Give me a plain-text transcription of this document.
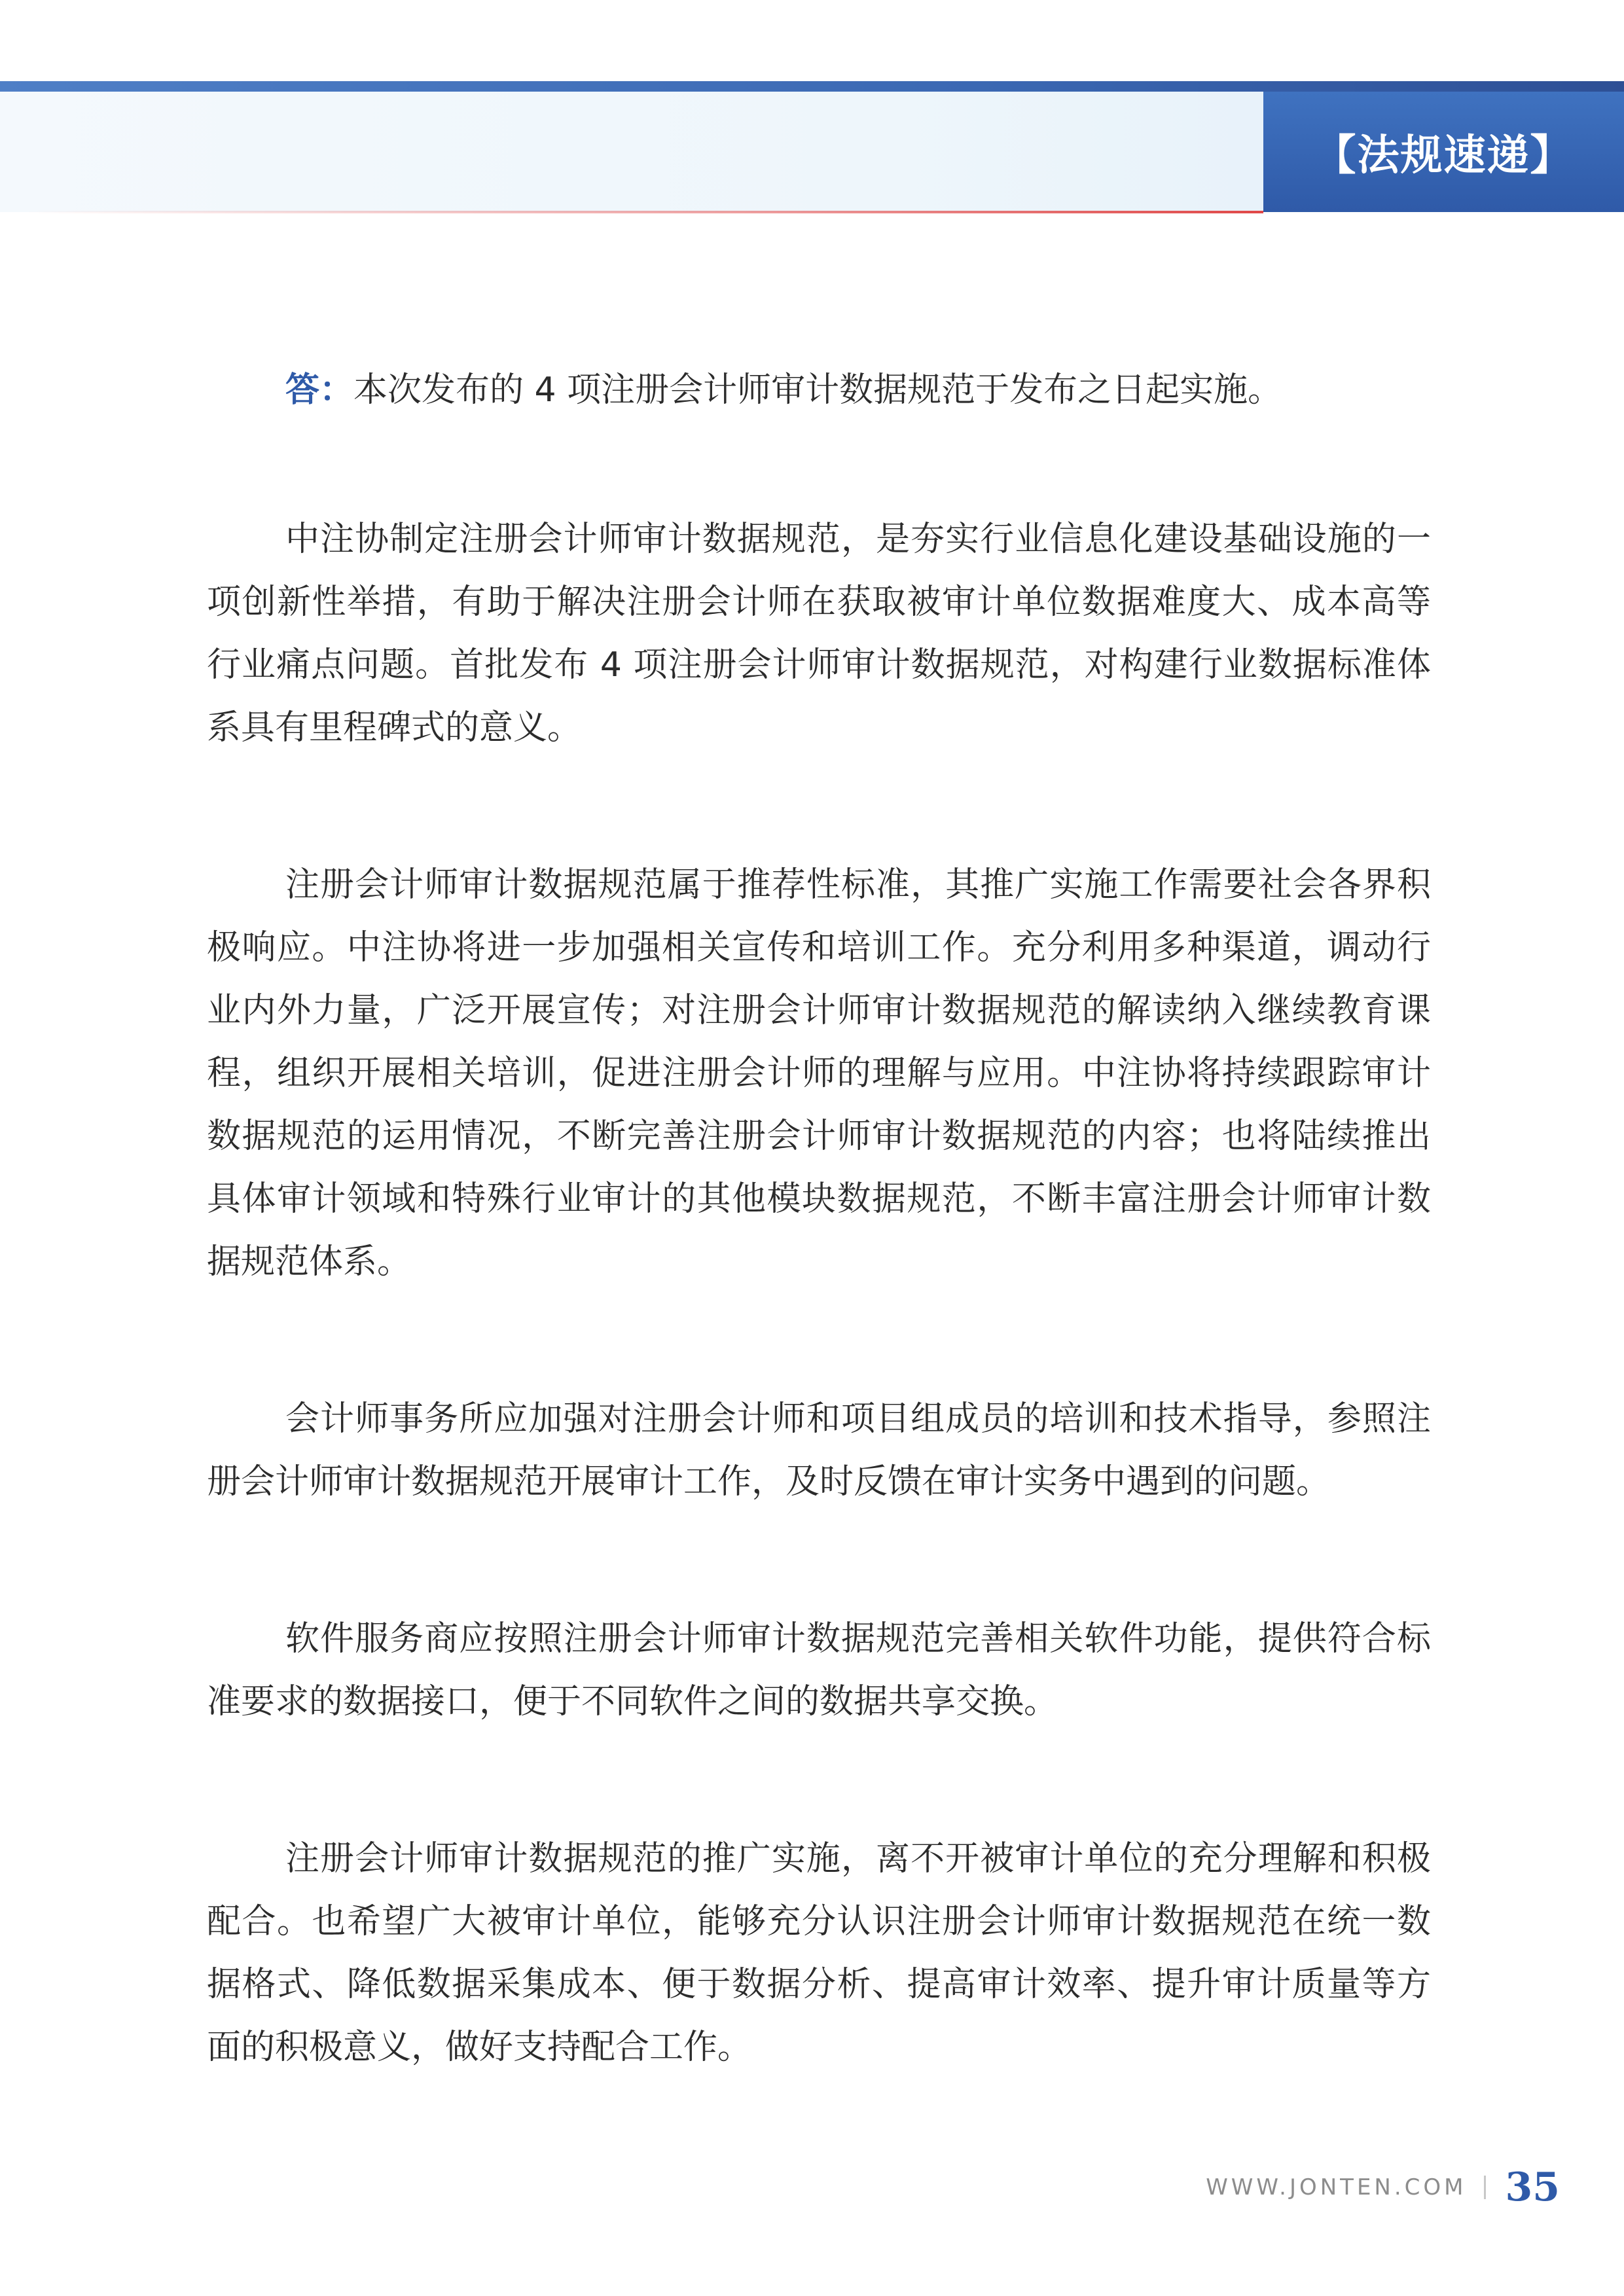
【法规速递】

答：本次发布的 4 项注册会计师审计数据规范于发布之日起实施。

中注协制定注册会计师审计数据规范，是夯实行业信息化建设基础设施的一项创新性举措，有助于解决注册会计师在获取被审计单位数据难度大、成本高等行业痛点问题。首批发布 4 项注册会计师审计数据规范，对构建行业数据标准体系具有里程碑式的意义。

注册会计师审计数据规范属于推荐性标准，其推广实施工作需要社会各界积极响应。中注协将进一步加强相关宣传和培训工作。充分利用多种渠道，调动行业内外力量，广泛开展宣传；对注册会计师审计数据规范的解读纳入继续教育课程，组织开展相关培训，促进注册会计师的理解与应用。中注协将持续跟踪审计数据规范的运用情况，不断完善注册会计师审计数据规范的内容；也将陆续推出具体审计领域和特殊行业审计的其他模块数据规范，不断丰富注册会计师审计数据规范体系。

会计师事务所应加强对注册会计师和项目组成员的培训和技术指导，参照注册会计师审计数据规范开展审计工作，及时反馈在审计实务中遇到的问题。

软件服务商应按照注册会计师审计数据规范完善相关软件功能，提供符合标准要求的数据接口，便于不同软件之间的数据共享交换。

注册会计师审计数据规范的推广实施，离不开被审计单位的充分理解和积极配合。也希望广大被审计单位，能够充分认识注册会计师审计数据规范在统一数据格式、降低数据采集成本、便于数据分析、提高审计效率、提升审计质量等方面的积极意义，做好支持配合工作。

WWW.JONTEN.COM 35
